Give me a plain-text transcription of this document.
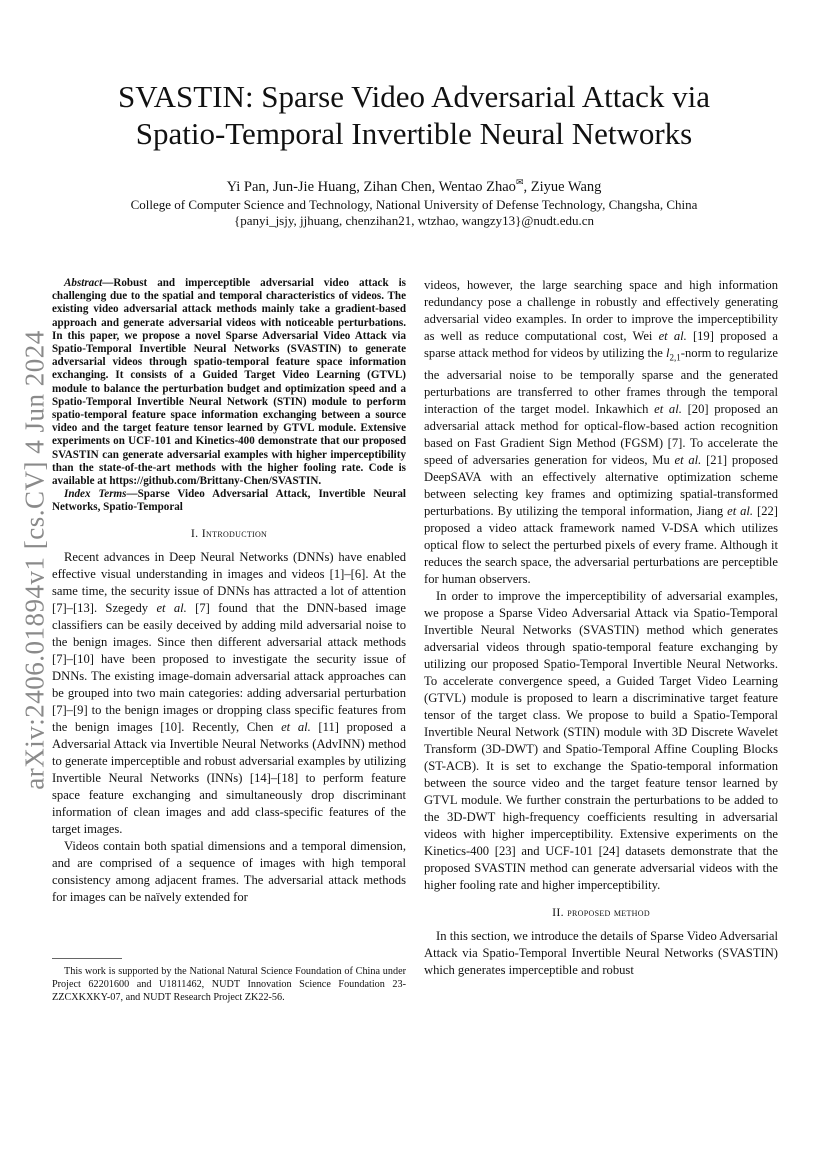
arXiv:2406.01894v1 [cs.CV] 4 Jun 2024
SVASTIN: Sparse Video Adversarial Attack via
Spatio-Temporal Invertible Neural Networks
Yi Pan, Jun-Jie Huang, Zihan Chen, Wentao Zhao✉, Ziyue Wang
College of Computer Science and Technology, National University of Defense Technology, Changsha, China
{panyi_jsjy, jjhuang, chenzihan21, wtzhao, wangzy13}@nudt.edu.cn

Abstract—Robust and imperceptible adversarial video attack is challenging due to the spatial and temporal characteristics of videos. The existing video adversarial attack methods mainly take a gradient-based approach and generate adversarial videos with noticeable perturbations. In this paper, we propose a novel Sparse Adversarial Video Attack via Spatio-Temporal Invertible Neural Networks (SVASTIN) to generate adversarial videos through spatio-temporal feature space information exchanging. It consists of a Guided Target Video Learning (GTVL) module to balance the perturbation budget and optimization speed and a Spatio-Temporal Invertible Neural Network (STIN) module to perform spatio-temporal feature space information exchanging between a source video and the target feature tensor learned by GTVL module. Extensive experiments on UCF-101 and Kinetics-400 demonstrate that our proposed SVASTIN can generate adversarial examples with higher imperceptibility than the state-of-the-art methods with the higher fooling rate. Code is available at https://github.com/Brittany-Chen/SVASTIN.

Index Terms—Sparse Video Adversarial Attack, Invertible Neural Networks, Spatio-Temporal

I. Introduction

Recent advances in Deep Neural Networks (DNNs) have enabled effective visual understanding in images and videos [1]–[6]. At the same time, the security issue of DNNs has attracted a lot of attention [7]–[13]. Szegedy et al. [7] found that the DNN-based image classifiers can be easily deceived by adding mild adversarial noise to the benign images. Since then different adversarial attack methods [7]–[10] have been proposed to investigate the security issue of DNNs. The existing image-domain adversarial attack approaches can be grouped into two main categories: adding adversarial perturbation [7]–[9] to the benign images or dropping class specific features from the benign images [10]. Recently, Chen et al. [11] proposed a Adversarial Attack via Invertible Neural Networks (AdvINN) method to generate imperceptible and robust adversarial examples by utilizing Invertible Neural Networks (INNs) [14]–[18] to perform feature space feature exchanging and simultaneously drop discriminant information of clean images and add class-specific features of the target images.

Videos contain both spatial dimensions and a temporal dimension, and are comprised of a sequence of images with high temporal consistency among adjacent frames. The adversarial attack methods for images can be naïvely extended for

This work is supported by the National Natural Science Foundation of China under Project 62201600 and U1811462, NUDT Innovation Science Foundation 23-ZZCXKXKY-07, and NUDT Research Project ZK22-56.

videos, however, the large searching space and high information redundancy pose a challenge in robustly and effectively generating adversarial video examples. In order to improve the imperceptibility as well as reduce computational cost, Wei et al. [19] proposed a sparse attack method for videos by utilizing the $l_{2,1}$-norm to regularize the adversarial noise to be temporally sparse and the generated perturbations are transferred to other frames through the temporal interaction of the target model. Inkawhich et al. [20] proposed an adversarial attack method for optical-flow-based action recognition based on Fast Gradient Sign Method (FGSM) [7]. To accelerate the speed of adversaries generation for videos, Mu et al. [21] proposed DeepSAVA with an effectively alternative optimization scheme between selecting key frames and optimizing spatial-transformed perturbations. By utilizing the temporal information, Jiang et al. [22] proposed a video attack framework named V-DSA which utilizes optical flow to select the perturbed pixels of every frame. Although it reduces the search space, the adversarial perturbations are perceptible for human observers.

In order to improve the imperceptibility of adversarial examples, we propose a Sparse Video Adversarial Attack via Spatio-Temporal Invertible Neural Networks (SVASTIN) method which generates adversarial videos through spatio-temporal feature exchanging by utilizing our proposed Spatio-Temporal Invertible Neural Networks. To accelerate convergence speed, a Guided Target Video Learning (GTVL) module is proposed to learn a discriminative target feature tensor of the target class. We propose to build a Spatio-Temporal Invertible Neural Network (STIN) module with 3D Discrete Wavelet Transform (3D-DWT) and Spatio-Temporal Affine Coupling Blocks (ST-ACB). It is set to exchange the Spatio-temporal information between the source video and the target feature tensor learned by GTVL module. We further constrain the perturbations to be added to the 3D-DWT high-frequency coefficients resulting in adversarial videos with higher imperceptibility. Extensive experiments on the Kinetics-400 [23] and UCF-101 [24] datasets demonstrate that the proposed SVASTIN method can generate adversarial videos with the higher fooling rate and higher imperceptibility.

II. proposed method

In this section, we introduce the details of Sparse Video Adversarial Attack via Spatio-Temporal Invertible Neural Networks (SVASTIN) which generates imperceptible and robust
